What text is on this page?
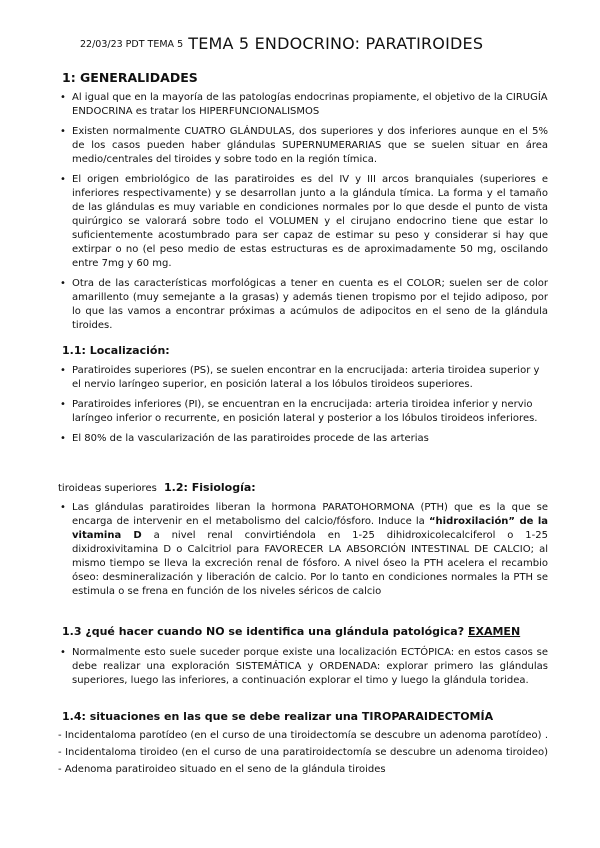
22/03/23 PDT TEMA 5 TEMA 5 ENDOCRINO: PARATIROIDES
1: GENERALIDADES
• Al igual que en la mayoría de las patologías endocrinas propiamente, el objetivo de la CIRUGÍA ENDOCRINA es tratar los HIPERFUNCIONALISMOS
• Existen normalmente CUATRO GLÁNDULAS, dos superiores y dos inferiores aunque en el 5% de los casos pueden haber glándulas SUPERNUMERARIAS que se suelen situar en área medio/centrales del tiroides y sobre todo en la región tímica.
• El origen embriológico de las paratiroides es del IV y III arcos branquiales (superiores e inferiores respectivamente) y se desarrollan junto a la glándula tímica. La forma y el tamaño de las glándulas es muy variable en condiciones normales por lo que desde el punto de vista quirúrgico se valorará sobre todo el VOLUMEN y el cirujano endocrino tiene que estar lo suficientemente acostumbrado para ser capaz de estimar su peso y considerar si hay que extirpar o no (el peso medio de estas estructuras es de aproximadamente 50 mg, oscilando entre 7mg y 60 mg.
• Otra de las características morfológicas a tener en cuenta es el COLOR; suelen ser de color amarillento (muy semejante a la grasas) y además tienen tropismo por el tejido adiposo, por lo que las vamos a encontrar próximas a acúmulos de adipocitos en el seno de la glándula tiroides.
1.1: Localización:
• Paratiroides superiores (PS), se suelen encontrar en la encrucijada: arteria tiroidea superior y el nervio laríngeo superior, en posición lateral a los lóbulos tiroideos superiores.
• Paratiroides inferiores (PI), se encuentran en la encrucijada: arteria tiroidea inferior y nervio laríngeo inferior o recurrente, en posición lateral y posterior a los lóbulos tiroideos inferiores.
• El 80% de la vascularización de las paratiroides procede de las arterias
tiroideas superiores 1.2: Fisiología:
• Las glándulas paratiroides liberan la hormona PARATOHORMONA (PTH) que es la que se encarga de intervenir en el metabolismo del calcio/fósforo. Induce la “hidroxilación” de la vitamina D a nivel renal convirtiéndola en 1-25 dihidroxicolecalciferol o 1-25 dixidroxivitamina D o Calcitriol para FAVORECER LA ABSORCIÓN INTESTINAL DE CALCIO; al mismo tiempo se lleva la excreción renal de fósforo. A nivel óseo la PTH acelera el recambio óseo: desmineralización y liberación de calcio. Por lo tanto en condiciones normales la PTH se estimula o se frena en función de los niveles séricos de calcio
1.3 ¿qué hacer cuando NO se identifica una glándula patológica? EXAMEN
• Normalmente esto suele suceder porque existe una localización ECTÓPICA: en estos casos se debe realizar una exploración SISTEMÁTICA y ORDENADA: explorar primero las glándulas superiores, luego las inferiores, a continuación explorar el timo y luego la glándula toridea.
1.4: situaciones en las que se debe realizar una TIROPARAIDECTOMÍA
- Incidentaloma parotídeo (en el curso de una tiroidectomía se descubre un adenoma parotídeo) . - Incidentaloma tiroideo (en el curso de una paratiroidectomía se descubre un adenoma tiroideo) - Adenoma paratiroideo situado en el seno de la glándula tiroides
